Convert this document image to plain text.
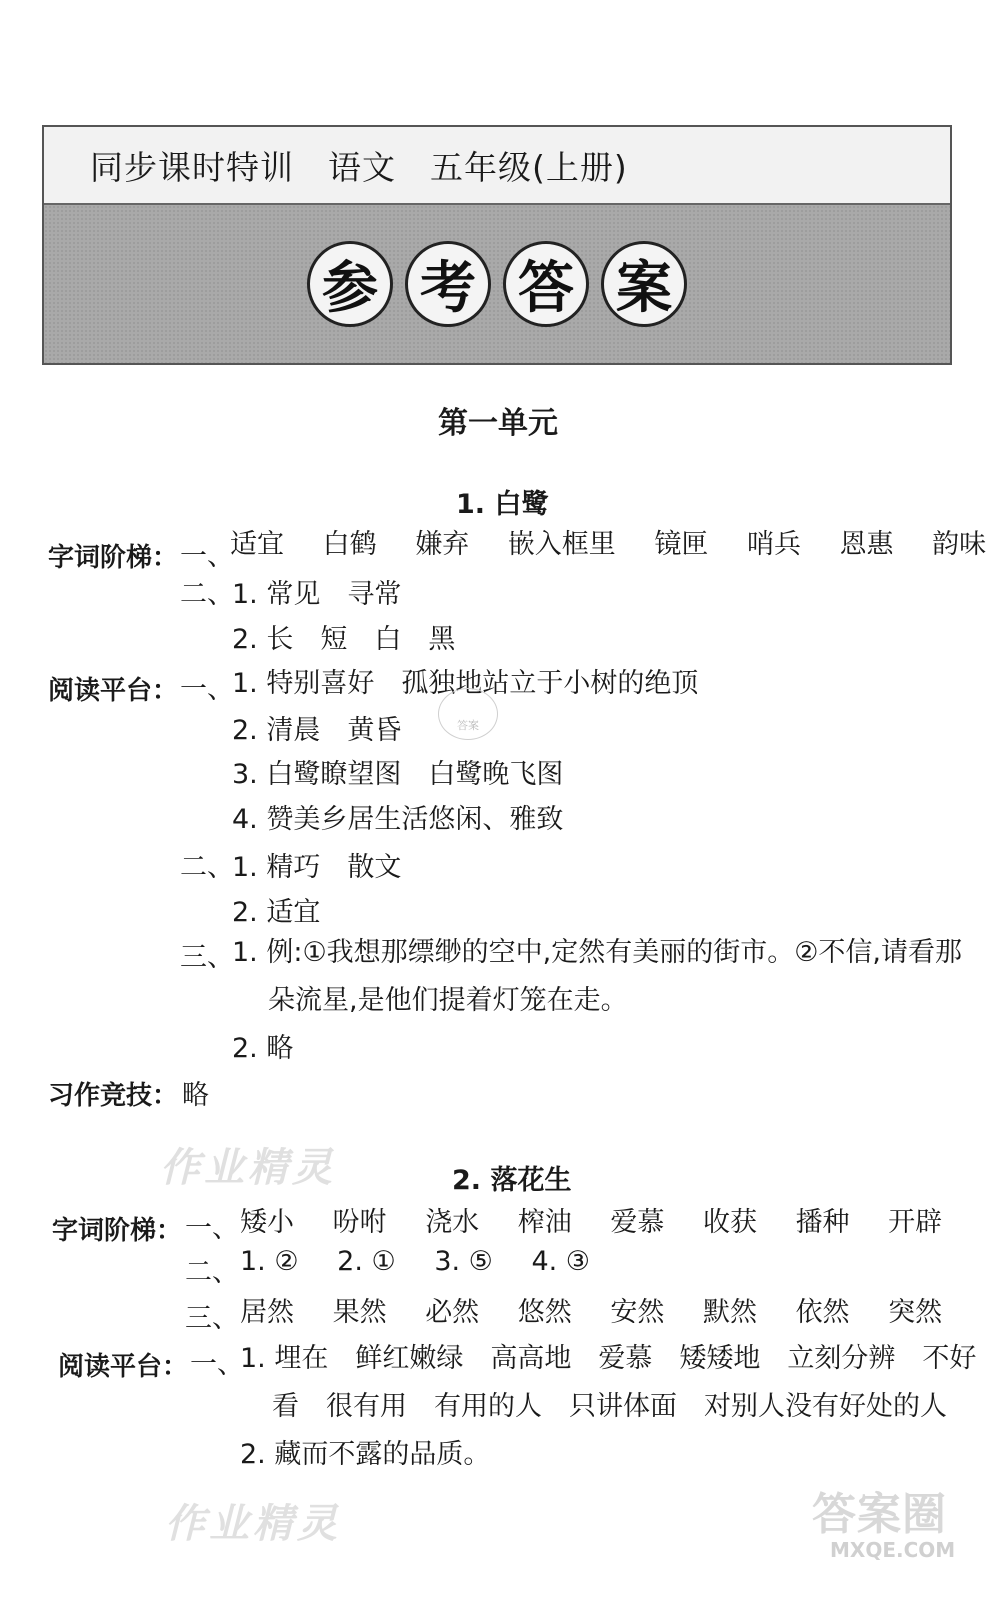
同步课时特训 语文 五年级(上册)
参 考 答 案
第一单元
1. 白鹭
字词阶梯： 一、
适宜 白鹤 嫌弃 嵌入框里 镜匣 哨兵 恩惠 韵味
二、
1. 常见　寻常
2. 长　短　白　黑
阅读平台： 一、
1. 特别喜好　孤独地站立于小树的绝顶
2. 清晨　黄昏
3. 白鹭瞭望图　白鹭晚飞图
4. 赞美乡居生活悠闲、雅致
二、
1. 精巧　散文
2. 适宜
三、
1. 例:①我想那缥缈的空中,定然有美丽的街市。②不信,请看那
朵流星,是他们提着灯笼在走。
2. 略
习作竞技： 略
2. 落花生
字词阶梯： 一、 矮小 吩咐 浇水 榨油 爱慕 收获 播种 开辟
二、 1. ② 2. ① 3. ⑤ 4. ③
三、 居然 果然 必然 悠然 安然 默然 依然 突然
阅读平台： 一、
1. 埋在　鲜红嫩绿　高高地　爱慕　矮矮地　立刻分辨　不好
看　很有用　有用的人　只讲体面　对别人没有好处的人
2. 藏而不露的品质。
作业精灵
作业精灵	答案圈
MXQE.COM
答案
